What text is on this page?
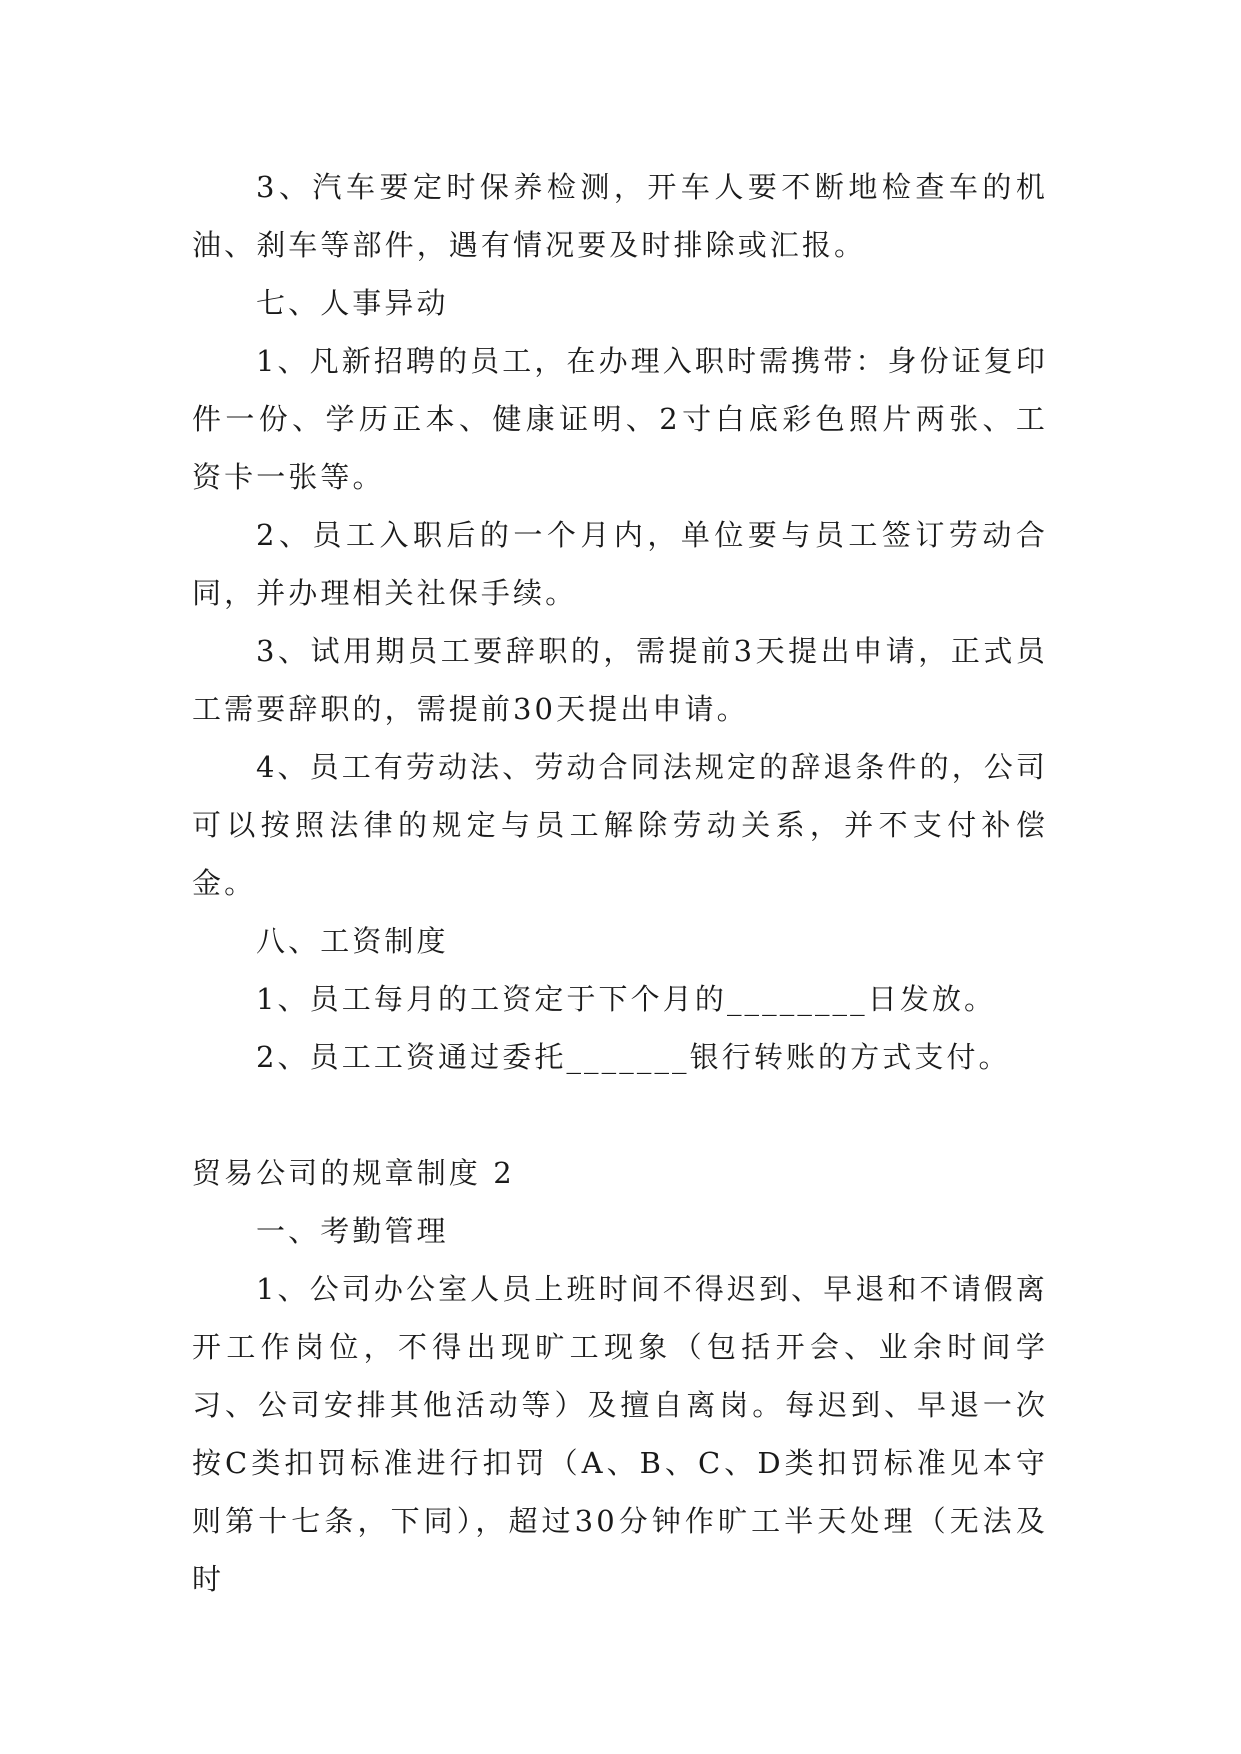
3、汽车要定时保养检测，开车人要不断地检查车的机油、刹车等部件，遇有情况要及时排除或汇报。

七、人事异动

1、凡新招聘的员工，在办理入职时需携带：身份证复印件一份、学历正本、健康证明、2寸白底彩色照片两张、工资卡一张等。

2、员工入职后的一个月内，单位要与员工签订劳动合同，并办理相关社保手续。

3、试用期员工要辞职的，需提前3天提出申请，正式员工需要辞职的，需提前30天提出申请。

4、员工有劳动法、劳动合同法规定的辞退条件的，公司可以按照法律的规定与员工解除劳动关系，并不支付补偿金。

八、工资制度

1、员工每月的工资定于下个月的________日发放。

2、员工工资通过委托_______银行转账的方式支付。

贸易公司的规章制度 2

一、考勤管理

1、公司办公室人员上班时间不得迟到、早退和不请假离开工作岗位，不得出现旷工现象（包括开会、业余时间学习、公司安排其他活动等）及擅自离岗。每迟到、早退一次按C类扣罚标准进行扣罚（A、B、C、D类扣罚标准见本守则第十七条，下同），超过30分钟作旷工半天处理（无法及时
